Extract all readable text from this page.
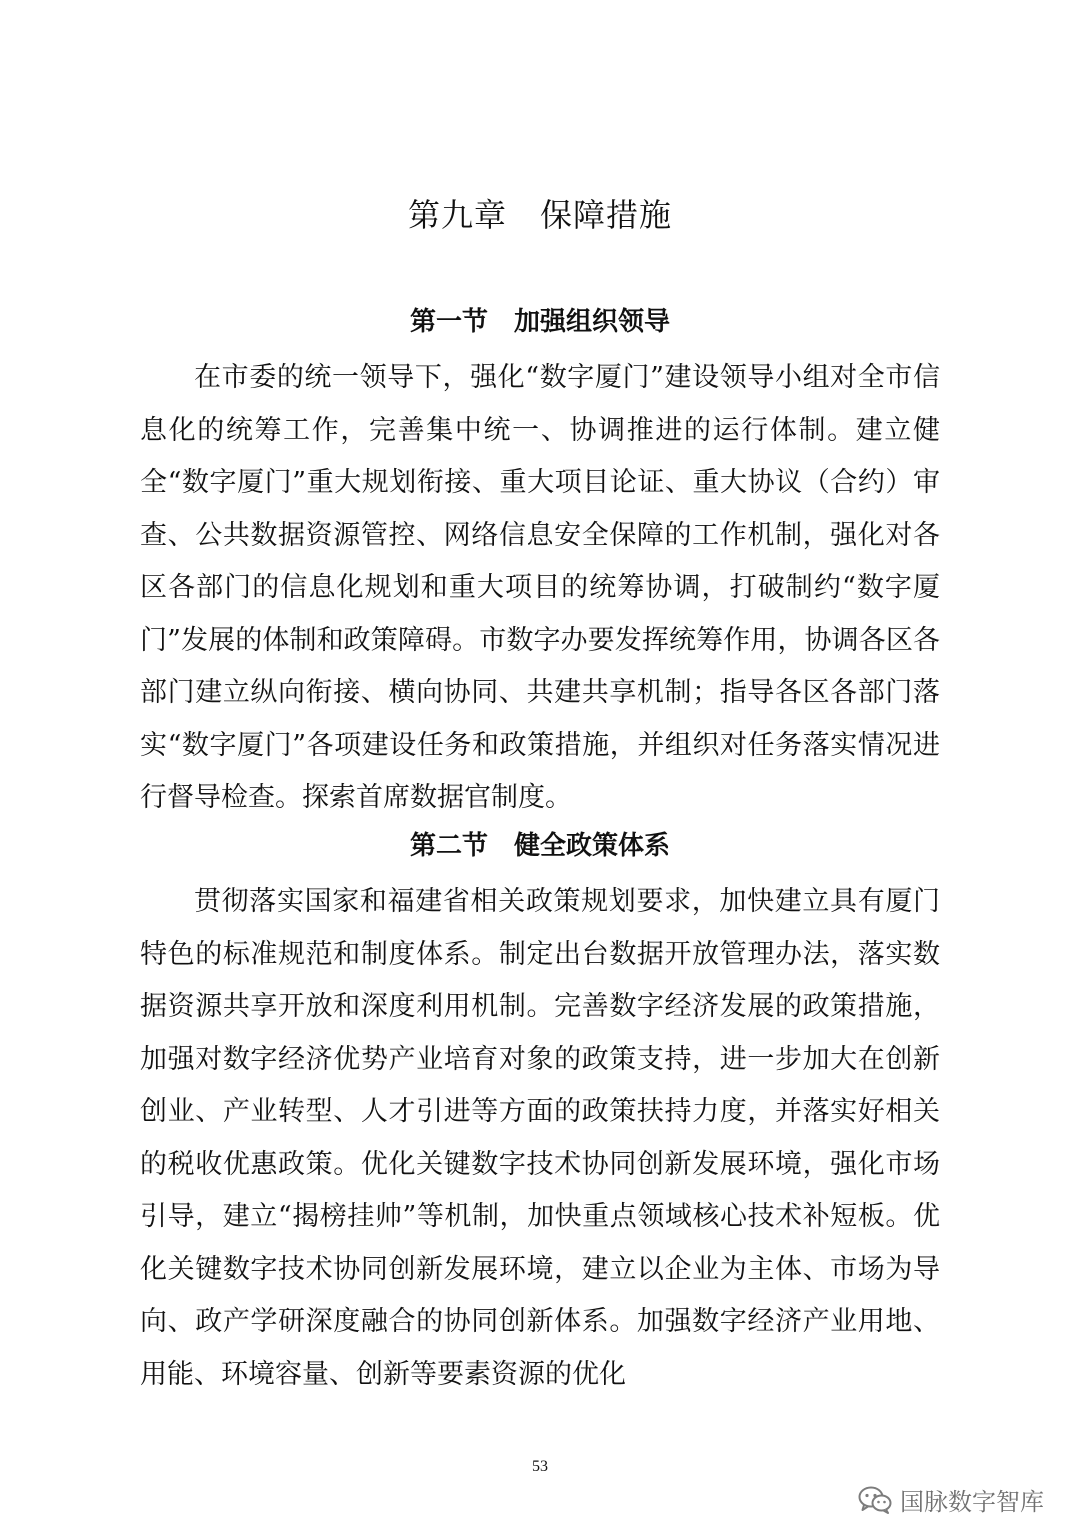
第九章　保障措施
第一节　加强组织领导

在市委的统一领导下，强化“数字厦门”建设领导小组对全市信息化的统筹工作，完善集中统一、协调推进的运行体制。建立健全“数字厦门”重大规划衔接、重大项目论证、重大协议（合约）审查、公共数据资源管控、网络信息安全保障的工作机制，强化对各区各部门的信息化规划和重大项目的统筹协调，打破制约“数字厦门”发展的体制和政策障碍。市数字办要发挥统筹作用，协调各区各部门建立纵向衔接、横向协同、共建共享机制；指导各区各部门落实“数字厦门”各项建设任务和政策措施，并组织对任务落实情况进行督导检查。探索首席数据官制度。

第二节　健全政策体系

贯彻落实国家和福建省相关政策规划要求，加快建立具有厦门特色的标准规范和制度体系。制定出台数据开放管理办法，落实数据资源共享开放和深度利用机制。完善数字经济发展的政策措施，加强对数字经济优势产业培育对象的政策支持，进一步加大在创新创业、产业转型、人才引进等方面的政策扶持力度，并落实好相关的税收优惠政策。优化关键数字技术协同创新发展环境，强化市场引导，建立“揭榜挂帅”等机制，加快重点领域核心技术补短板。优化关键数字技术协同创新发展环境，建立以企业为主体、市场为导向、政产学研深度融合的协同创新体系。加强数字经济产业用地、用能、环境容量、创新等要素资源的优化

53
国脉数字智库
